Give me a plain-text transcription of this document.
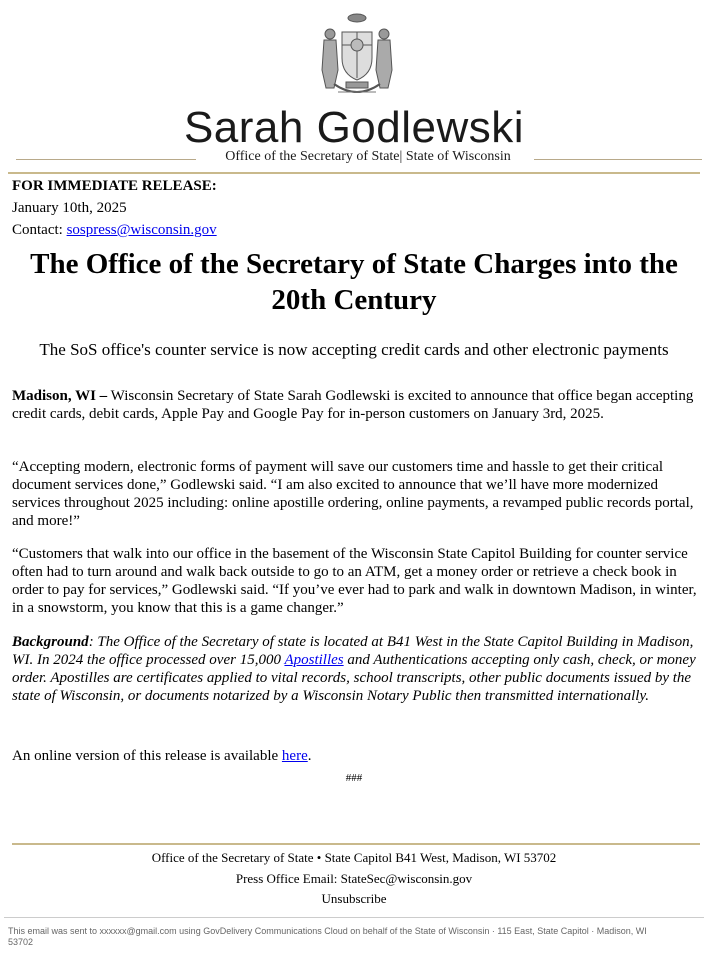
Sarah Godlewski
Office of the Secretary of State| State of Wisconsin
FOR IMMEDIATE RELEASE:
January 10th, 2025
Contact: sospress@wisconsin.gov
The Office of the Secretary of State Charges into the 20th Century
The SoS office's counter service is now accepting credit cards and other electronic payments
Madison, WI – Wisconsin Secretary of State Sarah Godlewski is excited to announce that office began accepting credit cards, debit cards, Apple Pay and Google Pay for in-person customers on January 3rd, 2025.
“Accepting modern, electronic forms of payment will save our customers time and hassle to get their critical document services done,” Godlewski said. “I am also excited to announce that we’ll have more modernized services throughout 2025 including: online apostille ordering, online payments, a revamped public records portal, and more!”
“Customers that walk into our office in the basement of the Wisconsin State Capitol Building for counter service often had to turn around and walk back outside to go to an ATM, get a money order or retrieve a check book in order to pay for services,” Godlewski said. “If you’ve ever had to park and walk in downtown Madison, in winter, in a snowstorm, you know that this is a game changer.”
Background: The Office of the Secretary of state is located at B41 West in the State Capitol Building in Madison, WI. In 2024 the office processed over 15,000 Apostilles and Authentications accepting only cash, check, or money order. Apostilles are certificates applied to vital records, school transcripts, other public documents issued by the state of Wisconsin, or documents notarized by a Wisconsin Notary Public then transmitted internationally.
An online version of this release is available here.
###
Office of the Secretary of State • State Capitol B41 West, Madison, WI 53702
Press Office Email: StateSec@wisconsin.gov
Unsubscribe
This email was sent to xxxxxx@gmail.com using GovDelivery Communications Cloud on behalf of the State of Wisconsin · 115 East, State Capitol · Madison, WI 53702
